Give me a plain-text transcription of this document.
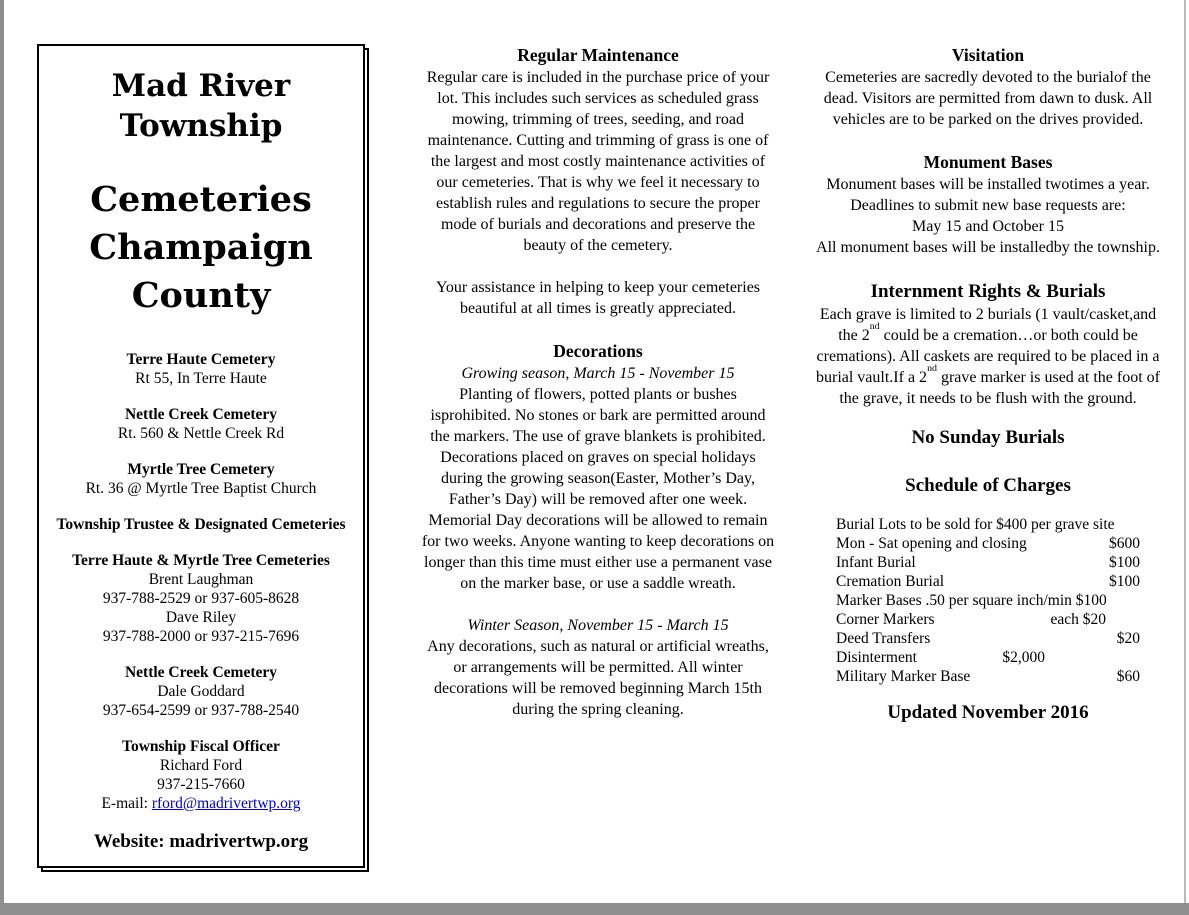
Mad River
Township
Cemeteries
Champaign
County
Terre Haute Cemetery
Rt 55, In Terre Haute
Nettle Creek Cemetery
Rt. 560 & Nettle Creek Rd
Myrtle Tree Cemetery
Rt. 36 @ Myrtle Tree Baptist Church
Township Trustee & Designated Cemeteries
Terre Haute & Myrtle Tree Cemeteries
Brent Laughman
937-788-2529 or 937-605-8628
Dave Riley
937-788-2000 or 937-215-7696
Nettle Creek Cemetery
Dale Goddard
937-654-2599 or 937-788-2540
Township Fiscal Officer
Richard Ford
937-215-7660
E-mail: rford@madrivertwp.org
Website: madrivertwp.org
Regular Maintenance

Regular care is included in the purchase price of your lot. This includes such services as scheduled grass mowing, trimming of trees, seeding, and road maintenance. Cutting and trimming of grass is one of the largest and most costly maintenance activities of our cemeteries. That is why we feel it necessary to establish rules and regulations to secure the proper mode of burials and decorations and preserve the beauty of the cemetery.

Your assistance in helping to keep your cemeteries beautiful at all times is greatly appreciated.

Decorations
Growing season, March 15 - November 15

Planting of flowers, potted plants or bushes isprohibited. No stones or bark are permitted around the markers. The use of grave blankets is prohibited. Decorations placed on graves on special holidays during the growing season(Easter, Mother’s Day, Father’s Day) will be removed after one week. Memorial Day decorations will be allowed to remain for two weeks. Anyone wanting to keep decorations on longer than this time must either use a permanent vase on the marker base, or use a saddle wreath.

Winter Season, November 15 - March 15

Any decorations, such as natural or artificial wreaths, or arrangements will be permitted. All winter decorations will be removed beginning March 15th during the spring cleaning.

Visitation

Cemeteries are sacredly devoted to the burialof the dead. Visitors are permitted from dawn to dusk. All vehicles are to be parked on the drives provided.

Monument Bases

Monument bases will be installed twotimes a year. Deadlines to submit new base requests are:

May 15 and October 15

All monument bases will be installedby the township.

Internment Rights & Burials

Each grave is limited to 2 burials (1 vault/casket,and the 2nd could be a cremation…or both could be cremations). All caskets are required to be placed in a burial vault.If a 2nd grave marker is used at the foot of the grave, it needs to be flush with the ground.

No Sunday Burials
Schedule of Charges
Burial Lots to be sold for $400 per grave site
Mon - Sat opening and closing	$600
Infant Burial	$100
Cremation Burial	$100
Marker Bases .50 per square inch/min $100
Corner Markers	each $20
Deed Transfers	$20
Disinterment	$2,000
Military Marker Base	$60
Updated November 2016
